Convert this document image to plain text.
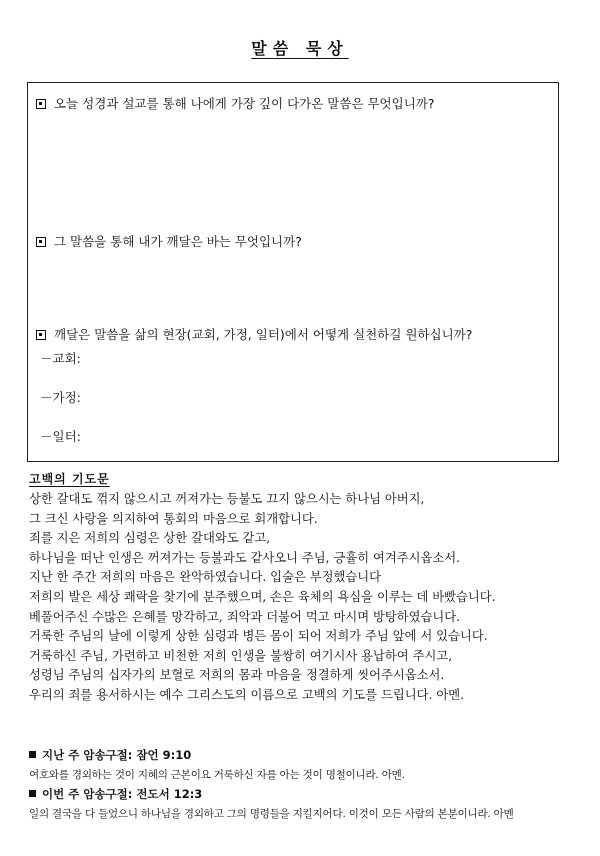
말씀 묵상
오늘 성경과 설교를 통해 나에게 가장 깊이 다가온 말씀은 무엇입니까?
그 말씀을 통해 내가 깨달은 바는 무엇입니까?
깨달은 말씀을 삶의 현장(교회, 가정, 일터)에서 어떻게 실천하길 원하십니까?
－교회:
－가정:
－일터:
고백의 기도문
상한 갈대도 꺾지 않으시고 꺼져가는 등불도 끄지 않으시는 하나님 아버지,
그 크신 사랑을 의지하여 통회의 마음으로 회개합니다.
죄를 지은 저희의 심령은 상한 갈대와도 같고,
하나님을 떠난 인생은 꺼져가는 등불과도 같사오니 주님, 긍휼히 여겨주시옵소서.
지난 한 주간 저희의 마음은 완악하였습니다. 입술은 부정했습니다
저희의 발은 세상 쾌락을 찾기에 분주했으며, 손은 육체의 욕심을 이루는 데 바빴습니다.
베풀어주신 수많은 은혜를 망각하고, 죄악과 더불어 먹고 마시며 방탕하였습니다.
거룩한 주님의 날에 이렇게 상한 심령과 병든 몸이 되어 저희가 주님 앞에 서 있습니다.
거룩하신 주님, 가련하고 비천한 저희 인생을 불쌍히 여기시사 용납하여 주시고,
성령님 주님의 십자가의 보혈로 저희의 몸과 마음을 정결하게 씻어주시옵소서.
우리의 죄를 용서하시는 예수 그리스도의 이름으로 고백의 기도를 드립니다. 아멘.
지난 주 암송구절: 잠언 9:10
여호와를 경외하는 것이 지혜의 근본이요 거룩하신 자를 아는 것이 명철이니라. 아멘.
이번 주 암송구절: 전도서 12:3
일의 결국을 다 들었으니 하나님을 경외하고 그의 명령들을 지킬지어다. 이것이 모든 사람의 본분이니라. 아멘
